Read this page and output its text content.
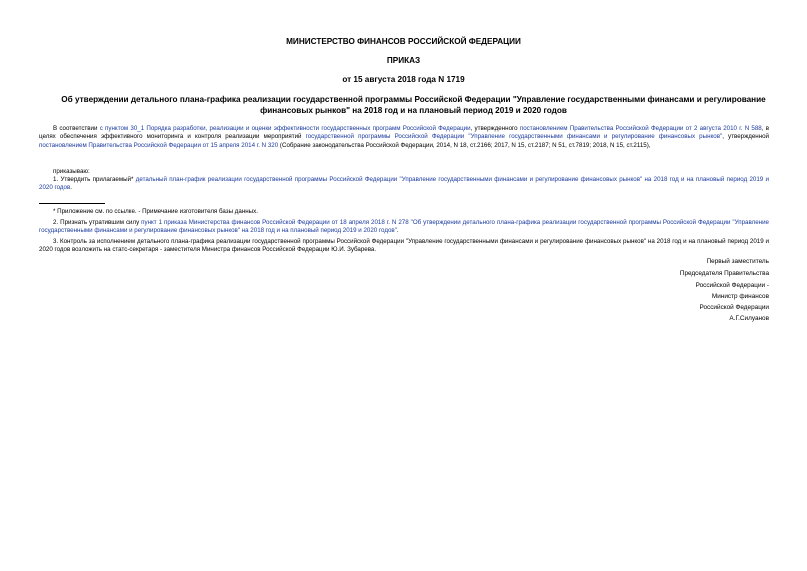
МИНИСТЕРСТВО ФИНАНСОВ РОССИЙСКОЙ ФЕДЕРАЦИИ
ПРИКАЗ
от 15 августа 2018 года N 1719
Об утверждении детального плана-графика реализации государственной программы Российской Федерации "Управление государственными финансами и регулирование финансовых рынков" на 2018 год и на плановый период 2019 и 2020 годов
В соответствии с пунктом 30_1 Порядка разработки, реализации и оценки эффективности государственных программ Российской Федерации, утвержденного постановлением Правительства Российской Федерации от 2 августа 2010 г. N 588, в целях обеспечения эффективного мониторинга и контроля реализации мероприятий государственной программы Российской Федерации "Управление государственными финансами и регулирование финансовых рынков", утвержденной постановлением Правительства Российской Федерации от 15 апреля 2014 г. N 320 (Собрание законодательства Российской Федерации, 2014, N 18, ст.2166; 2017, N 15, ст.2187; N 51, ст.7819; 2018, N 15, ст.2115),
приказываю:
1. Утвердить прилагаемый* детальный план-график реализации государственной программы Российской Федерации "Управление государственными финансами и регулирование финансовых рынков" на 2018 год и на плановый период 2019 и 2020 годов.
* Приложение см. по ссылке. - Примечание изготовителя базы данных.
2. Признать утратившим силу пункт 1 приказа Министерства финансов Российской Федерации от 18 апреля 2018 г. N 278 "Об утверждении детального плана-графика реализации государственной программы Российской Федерации "Управление государственными финансами и регулирование финансовых рынков" на 2018 год и на плановый период 2019 и 2020 годов".
3. Контроль за исполнением детального плана-графика реализации государственной программы Российской Федерации "Управление государственными финансами и регулирование финансовых рынков" на 2018 год и на плановый период 2019 и 2020 годов возложить на статс-секретаря - заместителя Министра финансов Российской Федерации Ю.И. Зубарева.
Первый заместитель
Председателя Правительства
Российской Федерации -
Министр финансов
Российской Федерации
А.Г.Силуанов
